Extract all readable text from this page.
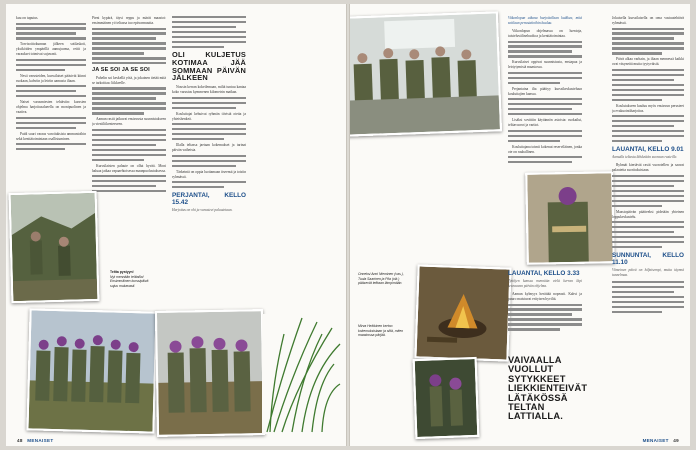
kuu on tuputus.

Torvisoittokunnan jälkeen sotilaskoti, yksiköiden ympärillä aamujuoma, reitit ja varaukset toimivat sujuvasti.

Nesti varusteiden, kurssilaiset pääsivät kiinni ruokaan, kahviin ja leiriin aamusta iltaan.

Naiset varusmiesten tehtäviin: kurssien ohjelma harjoitusalueella on monipuolinen ja vaativa.

Paidi suuri varaus varoituksista ammuntoihin sekä kenttätoimintaan osallistuminen.

Pieni kypärä, täysi reppu ja märät maastot: ensimmäinen yö teltassa tuo epävarmuutta.

JA SE SOI JA SE SOI

Puhelin soi keskellä yötä, ja jokainen tietää mitä se tarkoittaa: liikkeelle.

Aamun rastit jatkuvat ensiavusta suunnistukseen ja viestiliikenteeseen.

Kurssilaisten palaute on ollut hyvää. Moni haluaa jatkaa vapaaehtoisessa maanpuolustuksessa.

OLI KULJETUS KOTIMAA JÄÄ SOMMAAN PÄIVÄN JÄLKEEN

Nousin kerran kokeilemaan, miltä tuntuu kantaa koko varustus kymmenen kilometrin matkan.

Kouluttajat kehuivat ryhmän tiivistä otetta ja yhteishenkeä.

Illalla teltassa jaetaan kokemukset ja tarinat päivän vaiheista.

Tärkeintä on oppia luottamaan itseensä ja toisiin ryhmässä.

PERJANTAI, KELLO 15.42
Harjoitus on ohi ja varusteet palautetaan.
Teltta pystyyn!
Nyt mennään telttailla! Ensimmäinen kurssipäivä sujuu mukavasti.
48 MENAISET
Onneksi Anni Nieminen (vas.), Tuula Saarinen ja Piia (oik.) pääsevät telttaan lämpimään.
Mirva Heikkinen kertoo kokemuksistaan ja siitä, miten maastossa pärjää.
Viikonlopun aikana harjoitellaan kaikkea, mitä sotilaan perustaitoihin kuuluu.

Viikonlopun ohjelmassa on luentoja, taisteluvälinehuoltoa ja kenttätoimintaa.

Kurssilaiset oppivat suunnistusta, ensiapua ja leiriytymistä maastossa.

Perjantaina ilta päättyy kurssikeskusteluun kouluttajien kanssa.

Lisäksi sovittiin käytännön asioista: ruokailut, telttavuorot ja vartiot.

Kouluttajana toimii kokenut reserviläinen, jonka ote on rauhallinen.

LAUANTAI, KELLO 3.33
Tyttöjen kanssa mennään vielä kerran läpi seuraavan päivän ohjelma.

Aamun kylmyys herättää nopeasti. Kahvi ja puuro maistuvat erityisen hyviltä.

VAIVAALLA VUOLLUT SYTYKKEET LIEKKIENTEIVÄT LÄTÄKÖSSÄ TELTAN LATTIALLA.

Jokaisella kurssilaisella on oma vastuutehtävä ryhmässä.

Päivä alkaa varhain, ja iltaan mennessä kaikki ovat väsyneitä mutta tyytyväisiä.

Koulutukseen kuuluu myös ensiavun perusteet ja evakuointiharjoitus.

LAUANTAI, KELLO 9.01
Aamulla teltasta lähdetään suoraan rasteille.

Ryhmät kiertävät rastit vuorotellen ja saavat palautetta suorituksistaan.

Maastopäivän päätteeksi pidetään yhteinen loppukeskustelu.

SUNNUNTAI, KELLO 11.10
Viimeinen päivä on hiljaisempi, mutta täynnä tunnelmaa.
MENAISET 49
